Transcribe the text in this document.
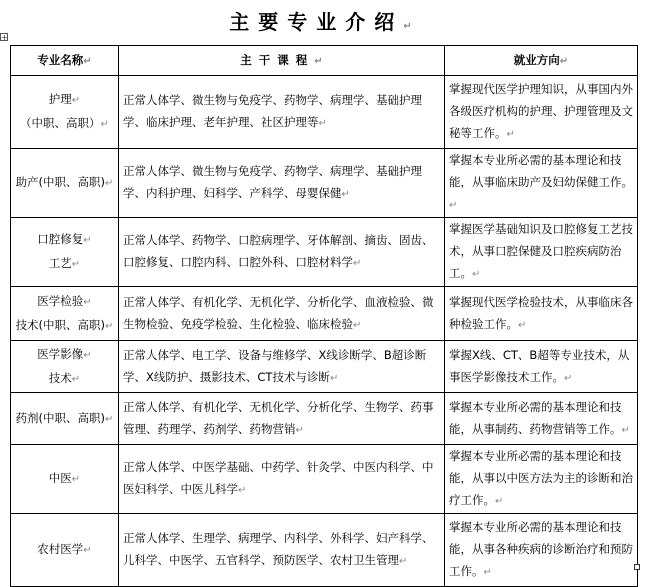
主要专业介绍↵
+
专业名称↵	主干课程↵	就业方向↵

护理↵
（中职、高职）↵	正常人体学、微生物与免疫学、药物学、病理学、基础护理学、临床护理、老年护理、社区护理等↵	掌握现代医学护理知识，从事国内外各级医疗机构的护理、护理管理及文秘等工作。↵

助产(中职、高职)↵	正常人体学、微生物与免疫学、药物学、病理学、基础护理学、内科护理、妇科学、产科学、母婴保健↵	掌握本专业所必需的基本理论和技能，从事临床助产及妇幼保健工作。↵

口腔修复↵
工艺↵	正常人体学、药物学、口腔病理学、牙体解剖、摘齿、固齿、口腔修复、口腔内科、口腔外科、口腔材料学↵	掌握医学基础知识及口腔修复工艺技术，从事口腔保健及口腔疾病防治工。↵

医学检验↵
技术(中职、高职)↵	正常人体学、有机化学、无机化学、分析化学、血液检验、微生物检验、免疫学检验、生化检验、临床检验↵	掌握现代医学检验技术，从事临床各种检验工作。↵

医学影像↵
技术↵	正常人体学、电工学、设备与维修学、X线诊断学、B超诊断学、X线防护、摄影技术、CT技术与诊断↵	掌握X线、CT、B超等专业技术，从事医学影像技术工作。↵

药剂(中职、高职)↵	正常人体学、有机化学、无机化学、分析化学、生物学、药事管理、药理学、药剂学、药物营销↵	掌握本专业所必需的基本理论和技能，从事制药、药物营销等工作。↵

中医↵	正常人体学、中医学基础、中药学、针灸学、中医内科学、中医妇科学、中医儿科学↵	掌握本专业所必需的基本理论和技能，从事以中医方法为主的诊断和治疗工作。↵

农村医学↵	正常人体学、生理学、病理学、内科学、外科学、妇产科学、儿科学、中医学、五官科学、预防医学、农村卫生管理↵	掌握本专业所必需的基本理论和技能，从事各种疾病的诊断治疗和预防工作。↵
